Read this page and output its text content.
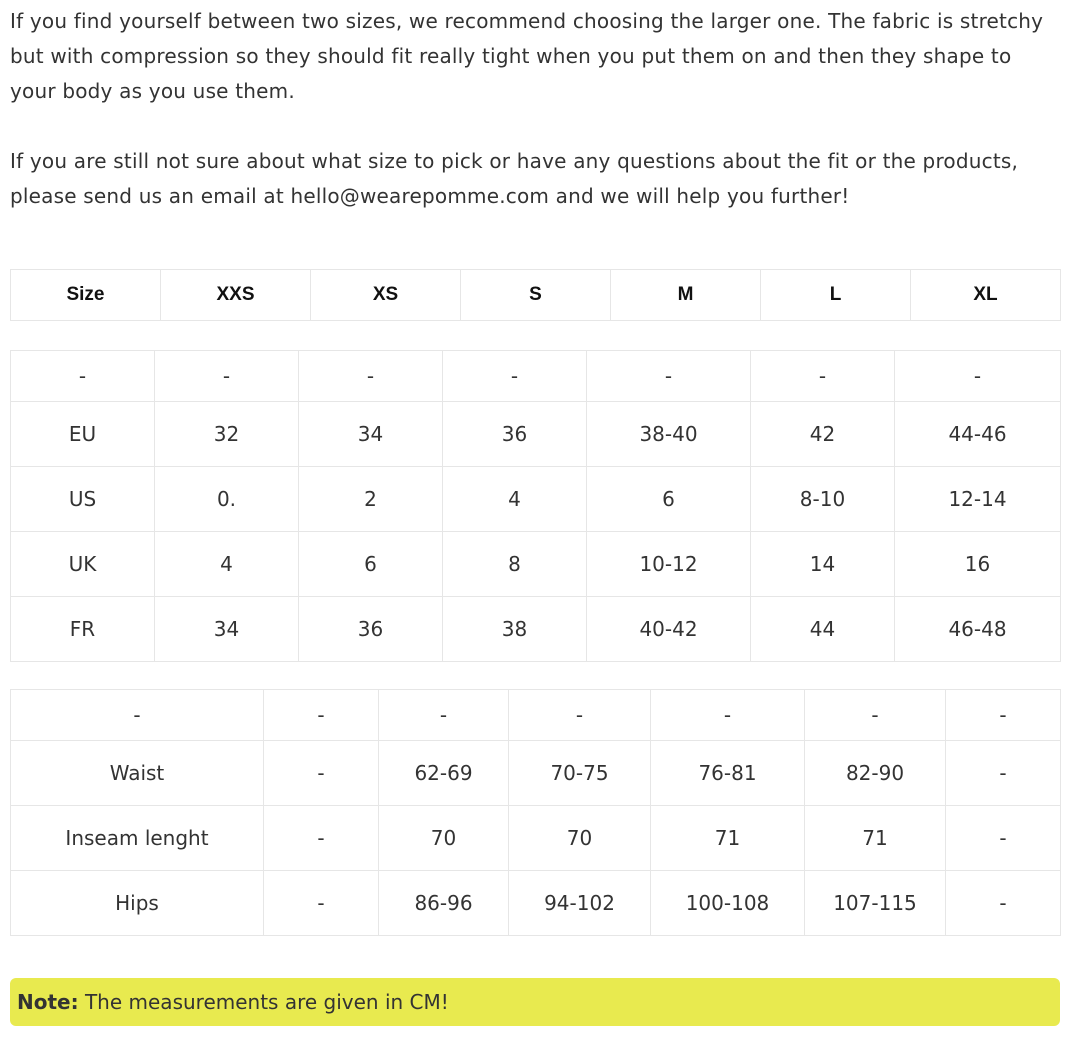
If you find yourself between two sizes, we recommend choosing the larger one. The fabric is stretchy but with compression so they should fit really tight when you put them on and then they shape to your body as you use them.

If you are still not sure about what size to pick or have any questions about the fit or the products, please send us an email at hello@wearepomme.com and we will help you further!

Size	XXS	XS	S	M	L	XL
-	-	-	-	-	-	-
EU	32	34	36	38-40	42	44-46
US	0.	2	4	6	8-10	12-14
UK	4	6	8	10-12	14	16
FR	34	36	38	40-42	44	46-48
-	-	-	-	-	-	-
Waist	-	62-69	70-75	76-81	82-90	-
Inseam lenght	-	70	70	71	71	-
Hips	-	86-96	94-102	100-108	107-115	-
Note: The measurements are given in CM!
